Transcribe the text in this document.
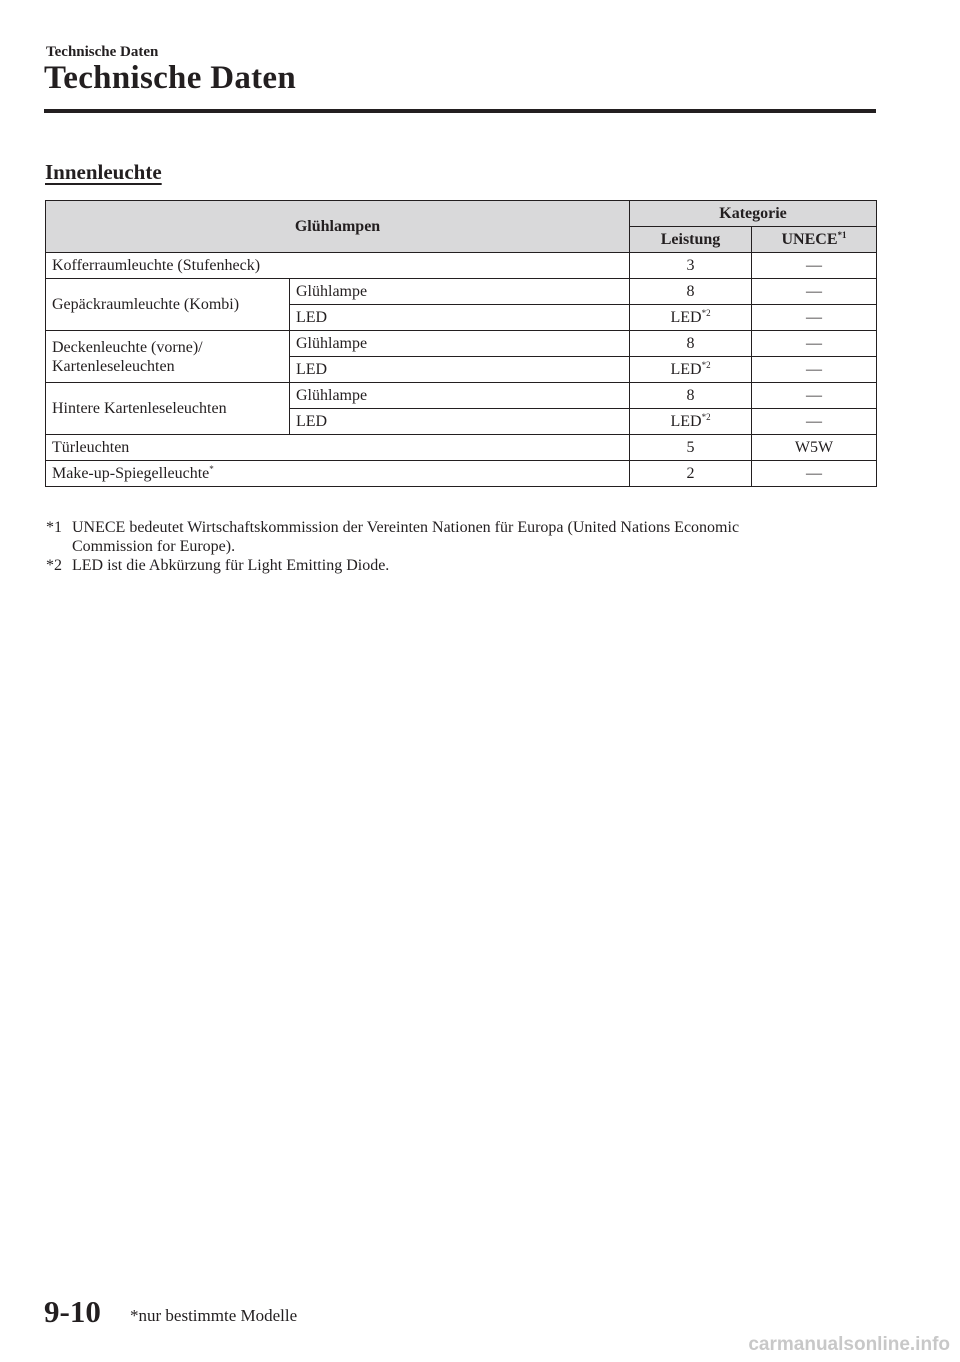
Technische Daten
Technische Daten
Innenleuchte
Glühlampen		Kategorie	
		Leistung	UNECE$^{*1}$
Kofferraumleuchte (Stufenheck)		3	—
Gepäckraumleuchte (Kombi)	Glühlampe	8	—
	LED	LED$^{*2}$	—
Deckenleuchte (vorne)/
Kartenleseleuchten	Glühlampe	8	—
	LED	LED$^{*2}$	—
Hintere Kartenleseleuchten	Glühlampe	8	—
	LED	LED$^{*2}$	—
Türleuchten		5	W5W
Make-up-Spiegelleuchte*		2	—
*1 UNECE bedeutet Wirtschaftskommission der Vereinten Nationen für Europa (United Nations Economic
Commission for Europe).
*2 LED ist die Abkürzung für Light Emitting Diode.
9-10 *nur bestimmte Modelle
carmanualsonline.info
